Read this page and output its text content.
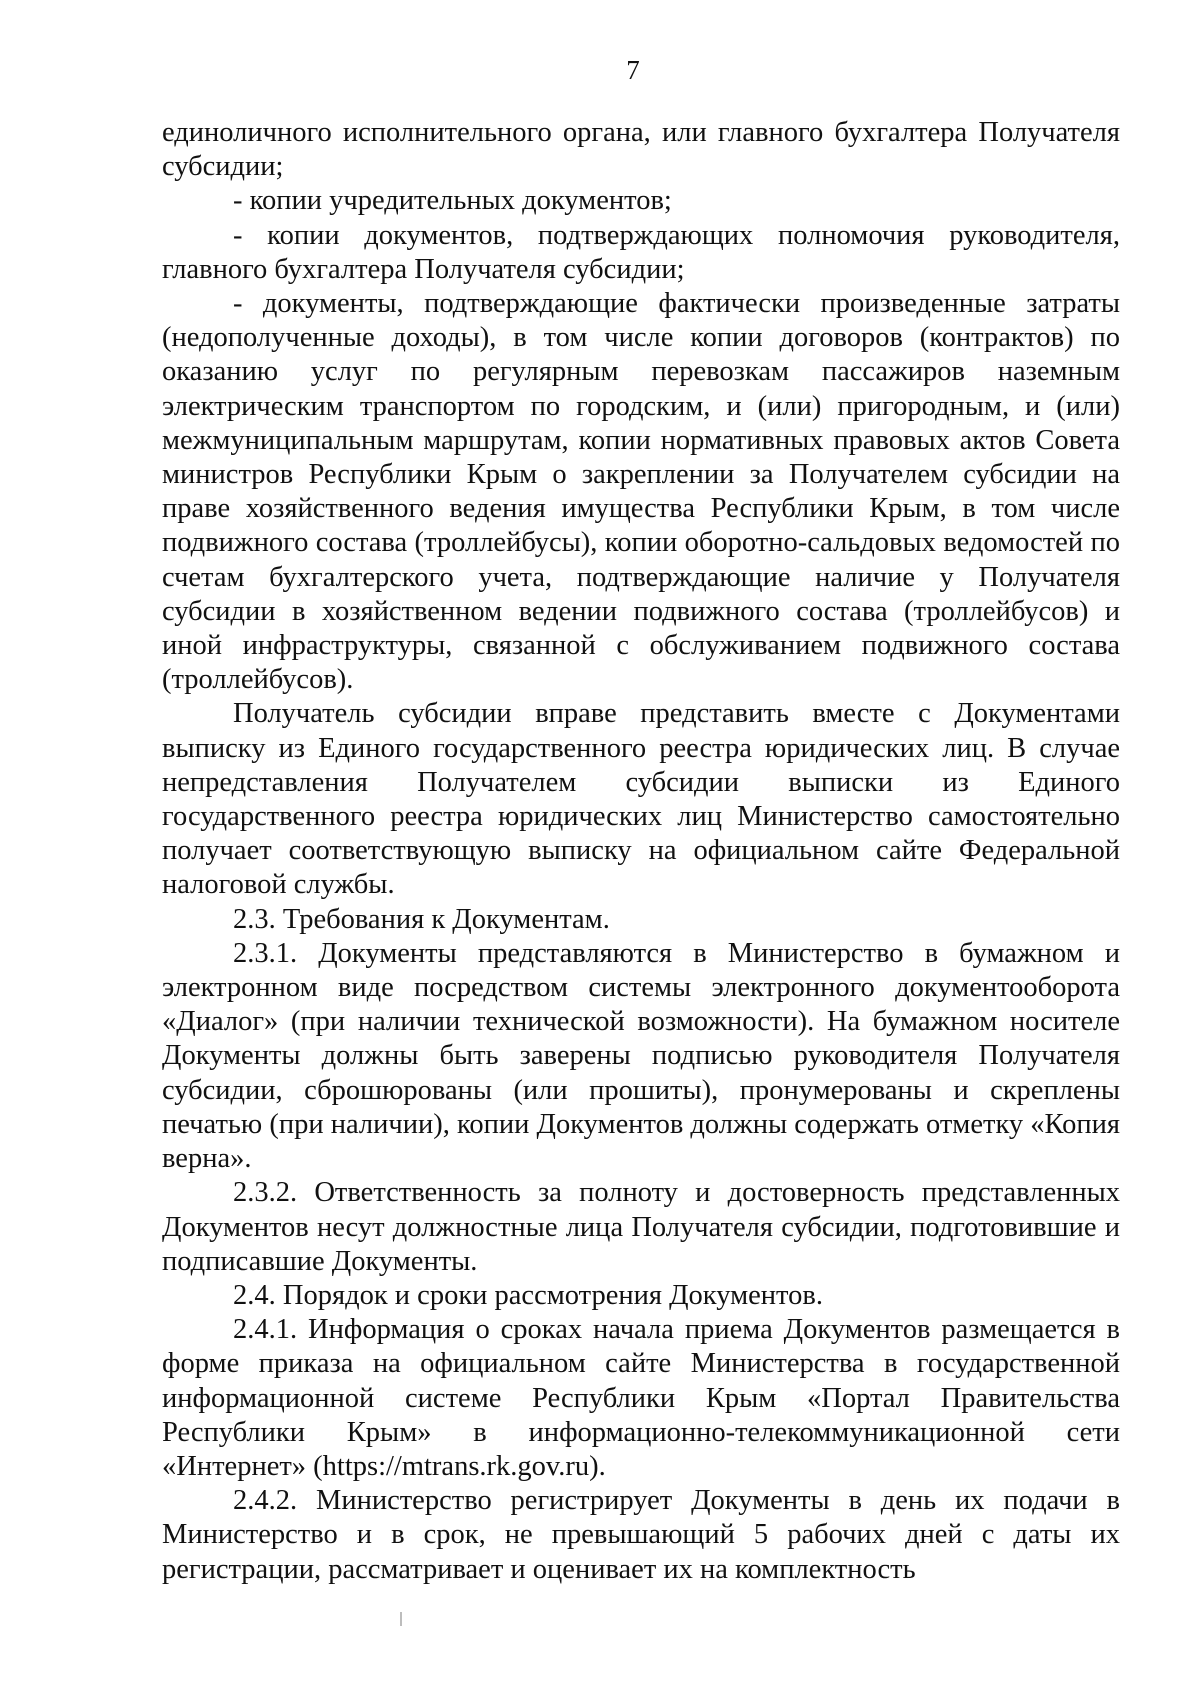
7

единоличного исполнительного органа, или главного бухгалтера Получателя субсидии;

- копии учредительных документов;

- копии документов, подтверждающих полномочия руководителя, главного бухгалтера Получателя субсидии;

- документы, подтверждающие фактически произведенные затраты (недополученные доходы), в том числе копии договоров (контрактов) по оказанию услуг по регулярным перевозкам пассажиров наземным электрическим транспортом по городским, и (или) пригородным, и (или) межмуниципальным маршрутам, копии нормативных правовых актов Совета министров Республики Крым о закреплении за Получателем субсидии на праве хозяйственного ведения имущества Республики Крым, в том числе подвижного состава (троллейбусы), копии оборотно-сальдовых ведомостей по счетам бухгалтерского учета, подтверждающие наличие у Получателя субсидии в хозяйственном ведении подвижного состава (троллейбусов) и иной инфраструктуры, связанной с обслуживанием подвижного состава (троллейбусов).

Получатель субсидии вправе представить вместе с Документами выписку из Единого государственного реестра юридических лиц. В случае непредставления Получателем субсидии выписки из Единого государственного реестра юридических лиц Министерство самостоятельно получает соответствующую выписку на официальном сайте Федеральной налоговой службы.

2.3. Требования к Документам.

2.3.1. Документы представляются в Министерство в бумажном и электронном виде посредством системы электронного документооборота «Диалог» (при наличии технической возможности). На бумажном носителе Документы должны быть заверены подписью руководителя Получателя субсидии, сброшюрованы (или прошиты), пронумерованы и скреплены печатью (при наличии), копии Документов должны содержать отметку «Копия верна».

2.3.2. Ответственность за полноту и достоверность представленных Документов несут должностные лица Получателя субсидии, подготовившие и подписавшие Документы.

2.4. Порядок и сроки рассмотрения Документов.

2.4.1. Информация о сроках начала приема Документов размещается в форме приказа на официальном сайте Министерства в государственной информационной системе Республики Крым «Портал Правительства Республики Крым» в информационно-телекоммуникационной сети «Интернет» (https://mtrans.rk.gov.ru).

2.4.2. Министерство регистрирует Документы в день их подачи в Министерство и в срок, не превышающий 5 рабочих дней с даты их регистрации, рассматривает и оценивает их на комплектность
